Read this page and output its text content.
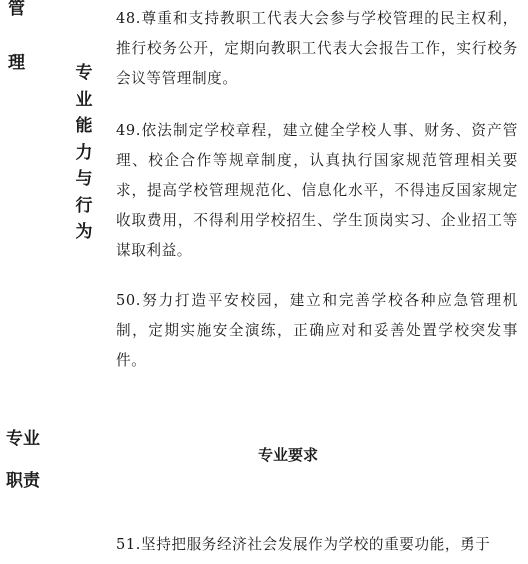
管
理	专
业
能
力
与
行
为
48.尊重和支持教职工代表大会参与学校管理的民主权利，推行校务公开，定期向教职工代表大会报告工作，实行校务会议等管理制度。
49.依法制定学校章程，建立健全学校人事、财务、资产管理、校企合作等规章制度，认真执行国家规范管理相关要求，提高学校管理规范化、信息化水平，不得违反国家规定收取费用，不得利用学校招生、学生顶岗实习、企业招工等谋取利益。
50.努力打造平安校园，建立和完善学校各种应急管理机制，定期实施安全演练，正确应对和妥善处置学校突发事件。
专业
职责
专业要求
51.坚持把服务经济社会发展作为学校的重要功能，勇于
